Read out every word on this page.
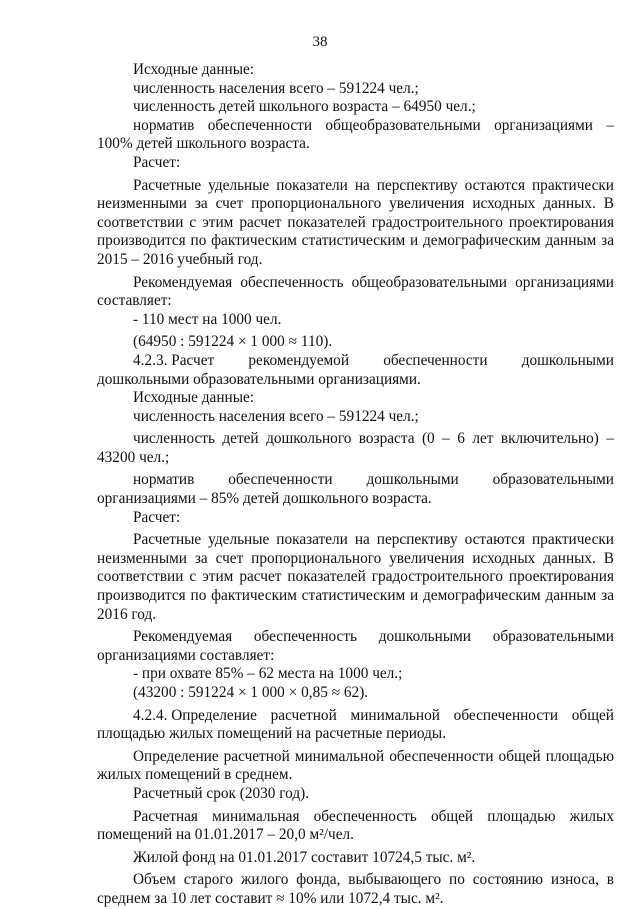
38

Исходные данные:

численность населения всего – 591224 чел.;

численность детей школьного возраста – 64950 чел.;

норматив обеспеченности общеобразовательными организациями – 100% детей школьного возраста.

Расчет:

Расчетные удельные показатели на перспективу остаются практически неизменными за счет пропорционального увеличения исходных данных. В соответствии с этим расчет показателей градостроительного проектирования производится по фактическим статистическим и демографическим данным за 2015 – 2016 учебный год.

Рекомендуемая обеспеченность общеобразовательными организациями составляет:

- 110 мест на 1000 чел.

(64950 : 591224 × 1 000 ≈ 110).

4.2.3. Расчет рекомендуемой обеспеченности дошкольными

дошкольными образовательными организациями.

Исходные данные:

численность населения всего – 591224 чел.;

численность детей дошкольного возраста (0 – 6 лет включительно) – 43200 чел.;

норматив обеспеченности дошкольными образовательными

организациями – 85% детей дошкольного возраста.

Расчет:

Расчетные удельные показатели на перспективу остаются практически неизменными за счет пропорционального увеличения исходных данных. В соответствии с этим расчет показателей градостроительного проектирования производится по фактическим статистическим и демографическим данным за 2016 год.

Рекомендуемая обеспеченность дошкольными образовательными

организациями составляет:

- при охвате 85% – 62 места на 1000 чел.;

(43200 : 591224 × 1 000 × 0,85 ≈ 62).

4.2.4. Определение расчетной минимальной обеспеченности общей

площадью жилых помещений на расчетные периоды.

Определение расчетной минимальной обеспеченности общей площадью жилых помещений в среднем.

Расчетный срок (2030 год).

Расчетная минимальная обеспеченность общей площадью жилых

помещений на 01.01.2017 – 20,0 м²/чел.

Жилой фонд на 01.01.2017 составит 10724,5 тыс. м².

Объем старого жилого фонда, выбывающего по состоянию износа, в среднем за 10 лет составит ≈ 10% или 1072,4 тыс. м².
